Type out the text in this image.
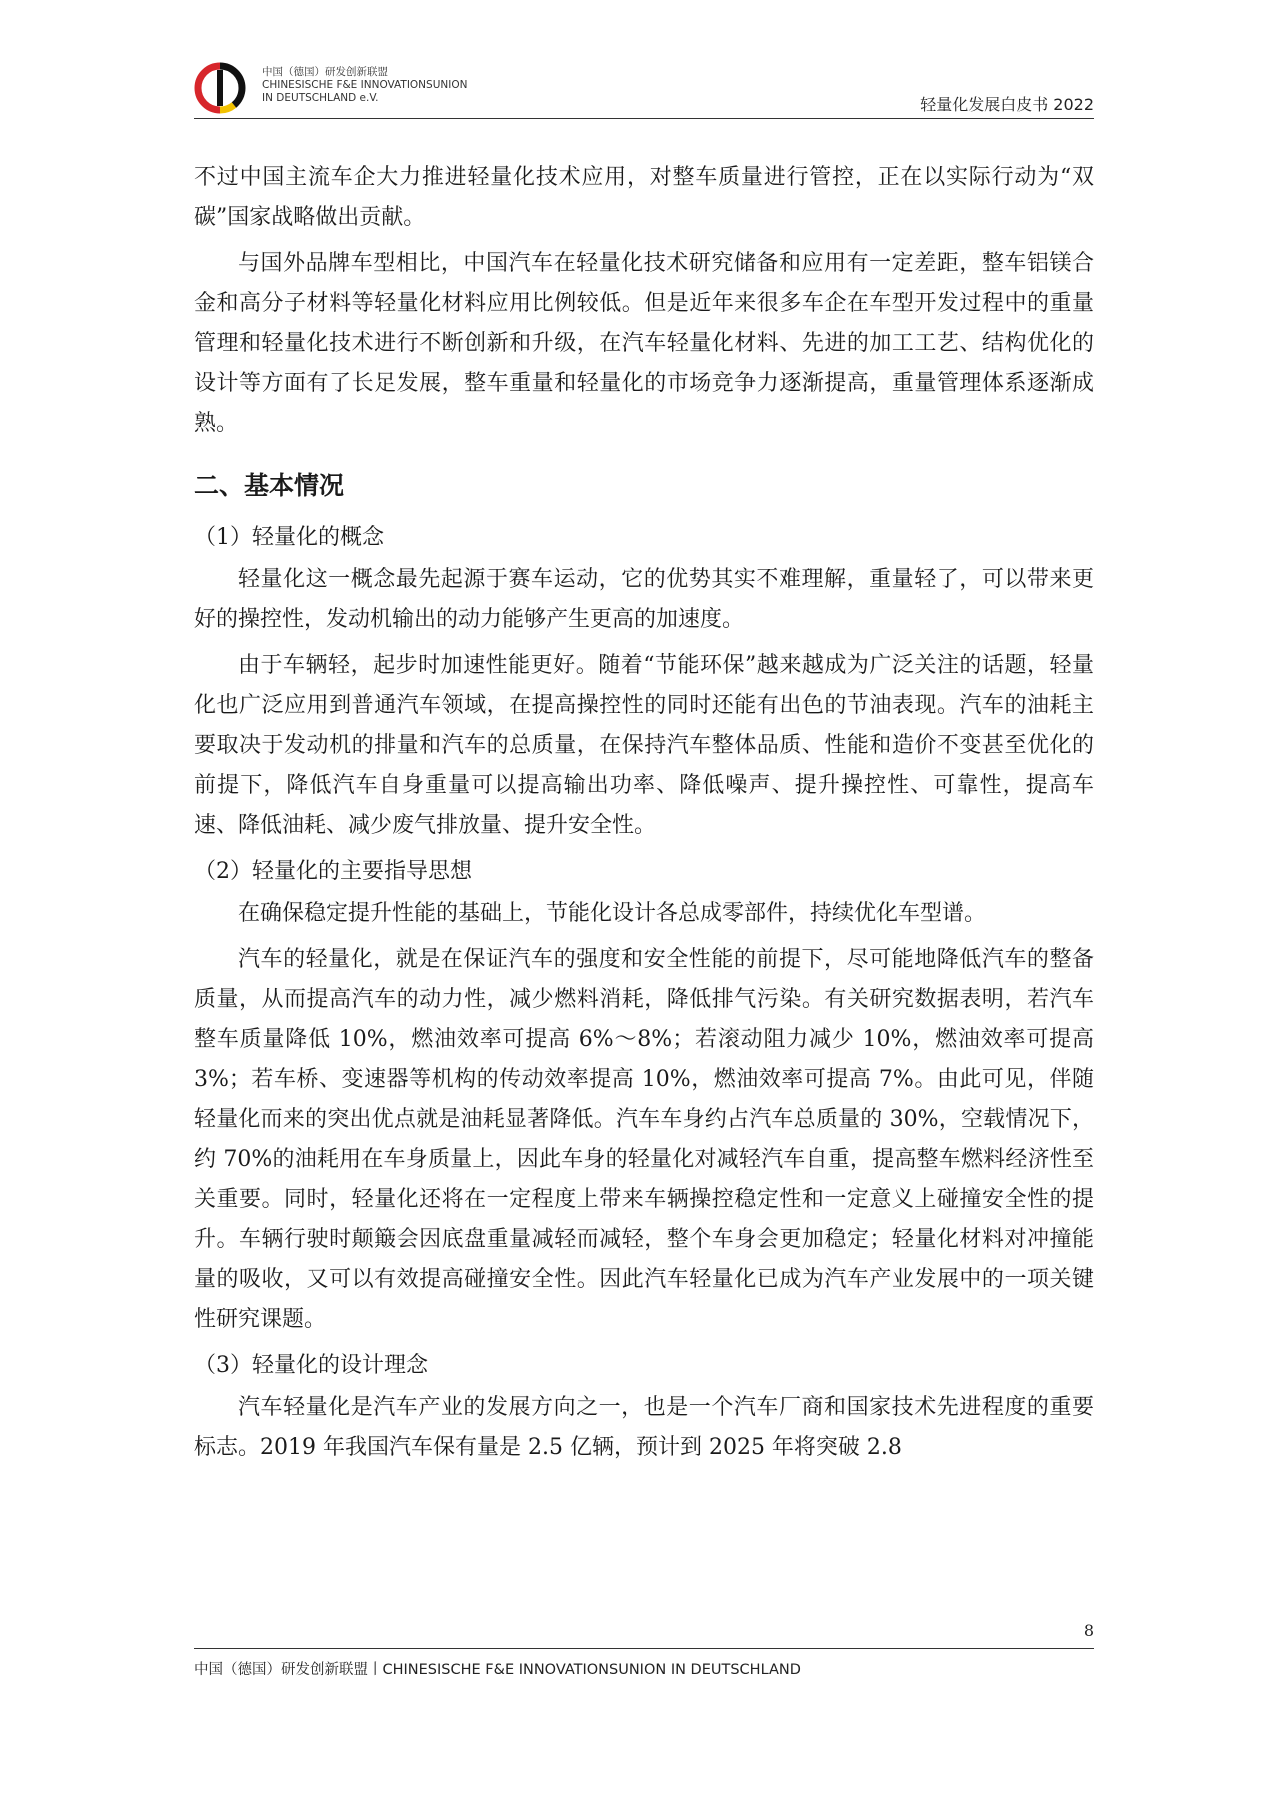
中国（德国）研发创新联盟
CHINESISCHE F&E INNOVATIONSUNION
IN DEUTSCHLAND e.V.	轻量化发展白皮书 2022

不过中国主流车企大力推进轻量化技术应用，对整车质量进行管控，正在以实际行动为“双碳”国家战略做出贡献。

与国外品牌车型相比，中国汽车在轻量化技术研究储备和应用有一定差距，整车铝镁合金和高分子材料等轻量化材料应用比例较低。但是近年来很多车企在车型开发过程中的重量管理和轻量化技术进行不断创新和升级，在汽车轻量化材料、先进的加工工艺、结构优化的设计等方面有了长足发展，整车重量和轻量化的市场竞争力逐渐提高，重量管理体系逐渐成熟。

二、基本情况

（1）轻量化的概念

轻量化这一概念最先起源于赛车运动，它的优势其实不难理解，重量轻了，可以带来更好的操控性，发动机输出的动力能够产生更高的加速度。

由于车辆轻，起步时加速性能更好。随着“节能环保”越来越成为广泛关注的话题，轻量化也广泛应用到普通汽车领域，在提高操控性的同时还能有出色的节油表现。汽车的油耗主要取决于发动机的排量和汽车的总质量，在保持汽车整体品质、性能和造价不变甚至优化的前提下，降低汽车自身重量可以提高输出功率、降低噪声、提升操控性、可靠性，提高车速、降低油耗、减少废气排放量、提升安全性。

（2）轻量化的主要指导思想

在确保稳定提升性能的基础上，节能化设计各总成零部件，持续优化车型谱。

汽车的轻量化，就是在保证汽车的强度和安全性能的前提下，尽可能地降低汽车的整备质量，从而提高汽车的动力性，减少燃料消耗，降低排气污染。有关研究数据表明，若汽车整车质量降低 10%，燃油效率可提高 6%～8%；若滚动阻力减少 10%，燃油效率可提高 3%；若车桥、变速器等机构的传动效率提高 10%，燃油效率可提高 7%。由此可见，伴随轻量化而来的突出优点就是油耗显著降低。汽车车身约占汽车总质量的 30%，空载情况下，约 70%的油耗用在车身质量上，因此车身的轻量化对减轻汽车自重，提高整车燃料经济性至关重要。同时，轻量化还将在一定程度上带来车辆操控稳定性和一定意义上碰撞安全性的提升。车辆行驶时颠簸会因底盘重量减轻而减轻，整个车身会更加稳定；轻量化材料对冲撞能量的吸收，又可以有效提高碰撞安全性。因此汽车轻量化已成为汽车产业发展中的一项关键性研究课题。

（3）轻量化的设计理念

汽车轻量化是汽车产业的发展方向之一，也是一个汽车厂商和国家技术先进程度的重要标志。2019 年我国汽车保有量是 2.5 亿辆，预计到 2025 年将突破 2.8

8
中国（德国）研发创新联盟丨CHINESISCHE F&E INNOVATIONSUNION IN DEUTSCHLAND
